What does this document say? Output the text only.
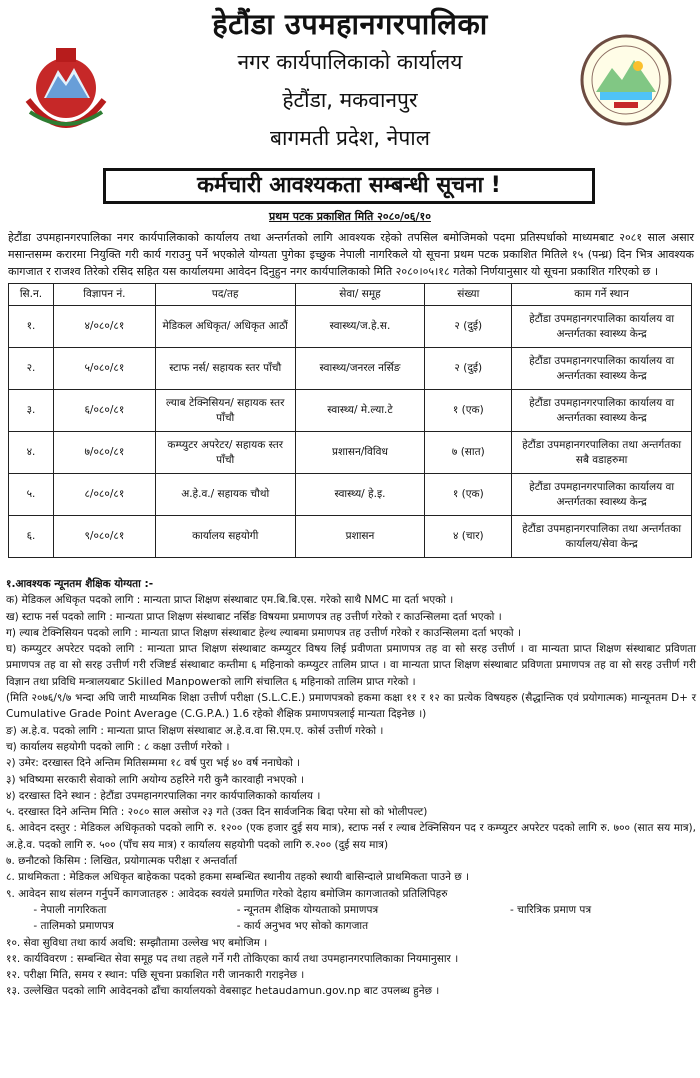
हेटौंडा उपमहानगरपालिका
नगर कार्यपालिकाको कार्यालय
हेटौंडा, मकवानपुर
बागमती प्रदेश, नेपाल
कर्मचारी आवश्यकता सम्बन्धी सूचना !
प्रथम पटक प्रकाशित मिति २०८०/०६/१०
हेटौंडा उपमहानगरपालिका नगर कार्यपालिकाको कार्यालय तथा अन्तर्गतको लागि आवश्यक रहेको तपसिल बमोजिमको पदमा प्रतिस्पर्धाको माध्यमबाट २०८१ साल असार मसान्तसम्म करारमा नियुक्ति गरी कार्य गराउनु पर्ने भएकोले योग्यता पुगेका इच्छुक नेपाली नागरिकले यो सूचना प्रथम पटक प्रकाशित मितिले १५ (पन्ध्र) दिन भित्र आवश्यक कागजात र राजश्व तिरेको रसिद सहित यस कार्यालयमा आवेदन दिनुहुन नगर कार्यपालिकाको मिति २०८०।०५।१८ गतेको निर्णयानुसार यो सूचना प्रकाशित गरिएको छ ।
सि.न.	विज्ञापन नं.	पद/तह	सेवा/ समूह	संख्या	काम गर्ने स्थान
१.	४/०८०/८१	मेडिकल अधिकृत/ अधिकृत आठौं	स्वास्थ्य/ज.हे.स.	२ (दुई)	हेटौंडा उपमहानगरपालिका कार्यालय वा अन्तर्गतका स्वास्थ्य केन्द्र
२.	५/०८०/८१	स्टाफ नर्स/ सहायक स्तर पाँचौ	स्वास्थ्य/जनरल नर्सिङ	२ (दुई)	हेटौंडा उपमहानगरपालिका कार्यालय वा अन्तर्गतका स्वास्थ्य केन्द्र
३.	६/०८०/८१	ल्याब टेक्निसियन/ सहायक स्तर पाँचौ	स्वास्थ्य/ मे.ल्या.टे	१ (एक)	हेटौंडा उपमहानगरपालिका कार्यालय वा अन्तर्गतका स्वास्थ्य केन्द्र
४.	७/०८०/८१	कम्प्युटर अपरेटर/ सहायक स्तर पाँचौ	प्रशासन/विविध	७ (सात)	हेटौंडा उपमहानगरपालिका तथा अन्तर्गतका सबै वडाहरुमा
५.	८/०८०/८१	अ.हे.व./ सहायक चौथो	स्वास्थ्य/ हे.इ.	१ (एक)	हेटौंडा उपमहानगरपालिका कार्यालय वा अन्तर्गतका स्वास्थ्य केन्द्र
६.	९/०८०/८१	कार्यालय सहयोगी	प्रशासन	४ (चार)	हेटौंडा उपमहानगरपालिका तथा अन्तर्गतका कार्यालय/सेवा केन्द्र

१.आवश्यक न्यूनतम शैक्षिक योग्यता :-

क) मेडिकल अधिकृत पदको लागि : मान्यता प्राप्त शिक्षण संस्थाबाट एम.बि.बि.एस. गरेको साथै NMC मा दर्ता भएको ।

ख) स्टाफ नर्स पदको लागि : मान्यता प्राप्त शिक्षण संस्थाबाट नर्सिङ विषयमा प्रमाणपत्र तह उत्तीर्ण गरेको र काउन्सिलमा दर्ता भएको ।

ग) ल्याब टेक्निसियन पदको लागि : मान्यता प्राप्त शिक्षण संस्थाबाट हेल्थ ल्याबमा प्रमाणपत्र तह उत्तीर्ण गरेको र काउन्सिलमा दर्ता भएको ।

घ) कम्प्युटर अपरेटर पदको लागि : मान्यता प्राप्त शिक्षण संस्थाबाट कम्प्युटर विषय लिई प्रवीणता प्रमाणपत्र तह वा सो सरह उत्तीर्ण । वा मान्यता प्राप्त शिक्षण संस्थाबाट प्रविणता प्रमाणपत्र तह वा सो सरह उत्तीर्ण गरी रजिष्टर्ड संस्थाबाट कम्तीमा ६ महिनाको कम्प्युटर तालिम प्राप्त । वा मान्यता प्राप्त शिक्षण संस्थाबाट प्रविणता प्रमाणपत्र तह वा सो सरह उत्तीर्ण गरी विज्ञान तथा प्रविधि मन्त्रालयबाट Skilled Manpowerको लागि संचालित ६ महिनाको तालिम प्राप्त गरेको ।

(मिति २०७६/९/७ भन्दा अघि जारी माध्यमिक शिक्षा उत्तीर्ण परीक्षा (S.L.C.E.) प्रमाणपत्रको हकमा कक्षा ११ र १२ का प्रत्येक विषयहरु (सैद्धान्तिक एवं प्रयोगात्मक) मान्यूनतम D+ र Cumulative Grade Point Average (C.G.P.A.) 1.6 रहेको शैक्षिक प्रमाणपत्रलाई मान्यता दिइनेछ ।)

ङ) अ.हे.व. पदको लागि : मान्यता प्राप्त शिक्षण संस्थाबाट अ.हे.व.वा सि.एम.ए. कोर्स उत्तीर्ण गरेको ।

च) कार्यालय सहयोगी पदको लागि : ८ कक्षा उत्तीर्ण गरेको ।

२) उमेर: दरखास्त दिने अन्तिम मितिसम्ममा १८ वर्ष पुरा भई ४० वर्ष ननाघेको ।

३) भविष्यमा सरकारी सेवाको लागि अयोग्य ठहरिने गरी कुनै कारवाही नभएको ।

४) दरखास्त दिने स्थान : हेटौंडा उपमहानगरपालिका नगर कार्यपालिकाको कार्यालय ।

५. दरखास्त दिने अन्तिम मिति : २०८० साल असोज २३ गते (उक्त दिन सार्वजनिक बिदा परेमा सो को भोलीपल्ट)

६. आवेदन दस्तुर : मेडिकल अधिकृतको पदको लागि रु. १२०० (एक हजार दुई सय मात्र), स्टाफ नर्स र ल्याब टेक्निसियन पद र कम्प्युटर अपरेटर पदको लागि रु. ७०० (सात सय मात्र), अ.हे.व. पदको लागि रु. ५०० (पाँच सय मात्र) र कार्यालय सहयोगी पदको लागि रु.२०० (दुई सय मात्र)

७. छनौटको किसिम : लिखित, प्रयोगात्मक परीक्षा र अन्तर्वार्ता

८. प्राथमिकता : मेडिकल अधिकृत बाहेकका पदको हकमा सम्बन्धित स्थानीय तहको स्थायी बासिन्दाले प्राथमिकता पाउने छ ।

९. आवेदन साथ संलग्न गर्नुपर्ने कागजातहरु : आवेदक स्वयंले प्रमाणित गरेको देहाय बमोजिम कागजातको प्रतिलिपिहरु

- नेपाली नागरिकता	- न्यूनतम शैक्षिक योग्यताको प्रमाणपत्र	- चारित्रिक प्रमाण पत्र

- तालिमको प्रमाणपत्र	- कार्य अनुभव भए सोको कागजात

१०. सेवा सुविधा तथा कार्य अवधि: सम्झौतामा उल्लेख भए बमोजिम ।

११. कार्यविवरण : सम्बन्धित सेवा समूह पद तथा तहले गर्ने गरी तोकिएका कार्य तथा उपमहानगरपालिकाका नियमानुसार ।

१२. परीक्षा मिति, समय र स्थान: पछि सूचना प्रकाशित गरी जानकारी गराइनेछ ।

१३. उल्लेखित पदको लागि आवेदनको ढाँचा कार्यालयको वेबसाइट hetaudamun.gov.np बाट उपलब्ध हुनेछ ।
